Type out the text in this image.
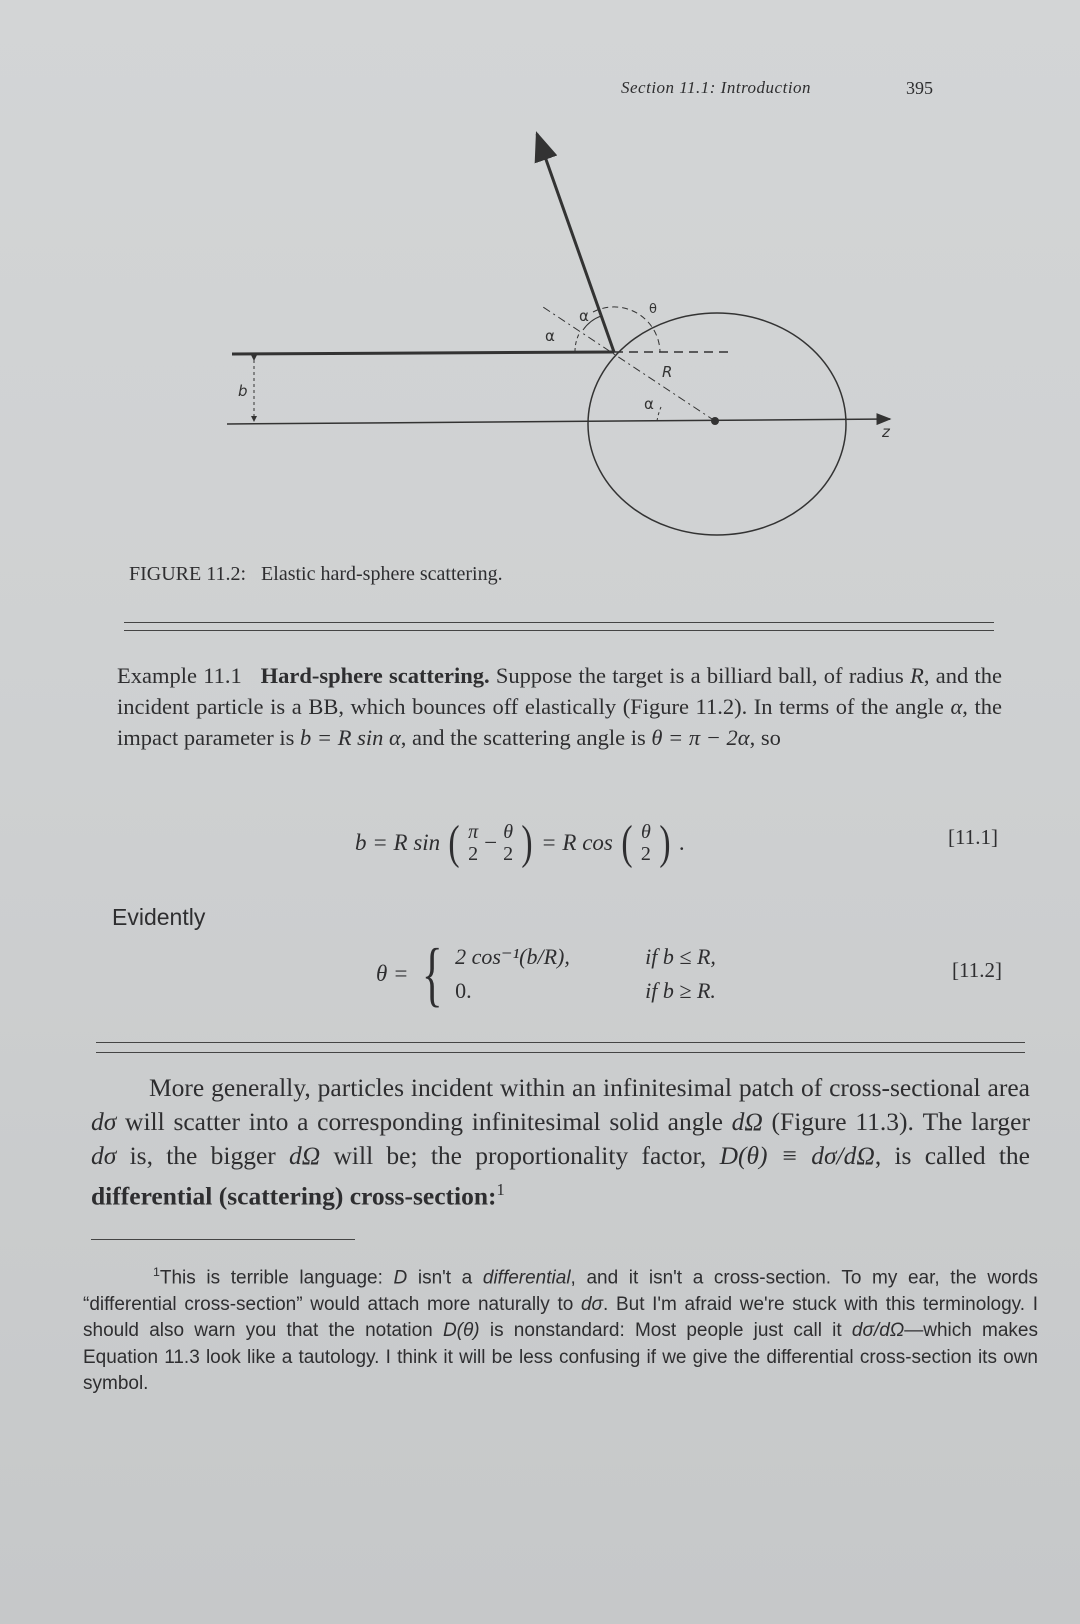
Section 11.1: Introduction	395
α
α
θ
R
α
b
z
FIGURE 11.2: Elastic hard-sphere scattering.
Example 11.1 Hard-sphere scattering. Suppose the target is a billiard ball, of radius R, and the incident particle is a BB, which bounces off elastically (Figure 11.2). In terms of the angle α, the impact parameter is b = R sin α, and the scattering angle is θ = π − 2α, so
b = R sin ( π
2 − θ
2 ) = R cos ( θ
2 ) .	[11.1]
Evidently
θ = { 2 cos⁻¹(b/R),	if b ≤ R,
0.	if b ≥ R.
[11.2]
More generally, particles incident within an infinitesimal patch of cross-sectional area dσ will scatter into a corresponding infinitesimal solid angle dΩ (Figure 11.3). The larger dσ is, the bigger dΩ will be; the proportionality factor, D(θ) ≡ dσ/dΩ, is called the differential (scattering) cross-section:$^1$
$^1$This is terrible language: D isn't a differential, and it isn't a cross-section. To my ear, the words “differential cross-section” would attach more naturally to dσ. But I'm afraid we're stuck with this terminology. I should also warn you that the notation D(θ) is nonstandard: Most people just call it dσ/dΩ—which makes Equation 11.3 look like a tautology. I think it will be less confusing if we give the differential cross-section its own symbol.
